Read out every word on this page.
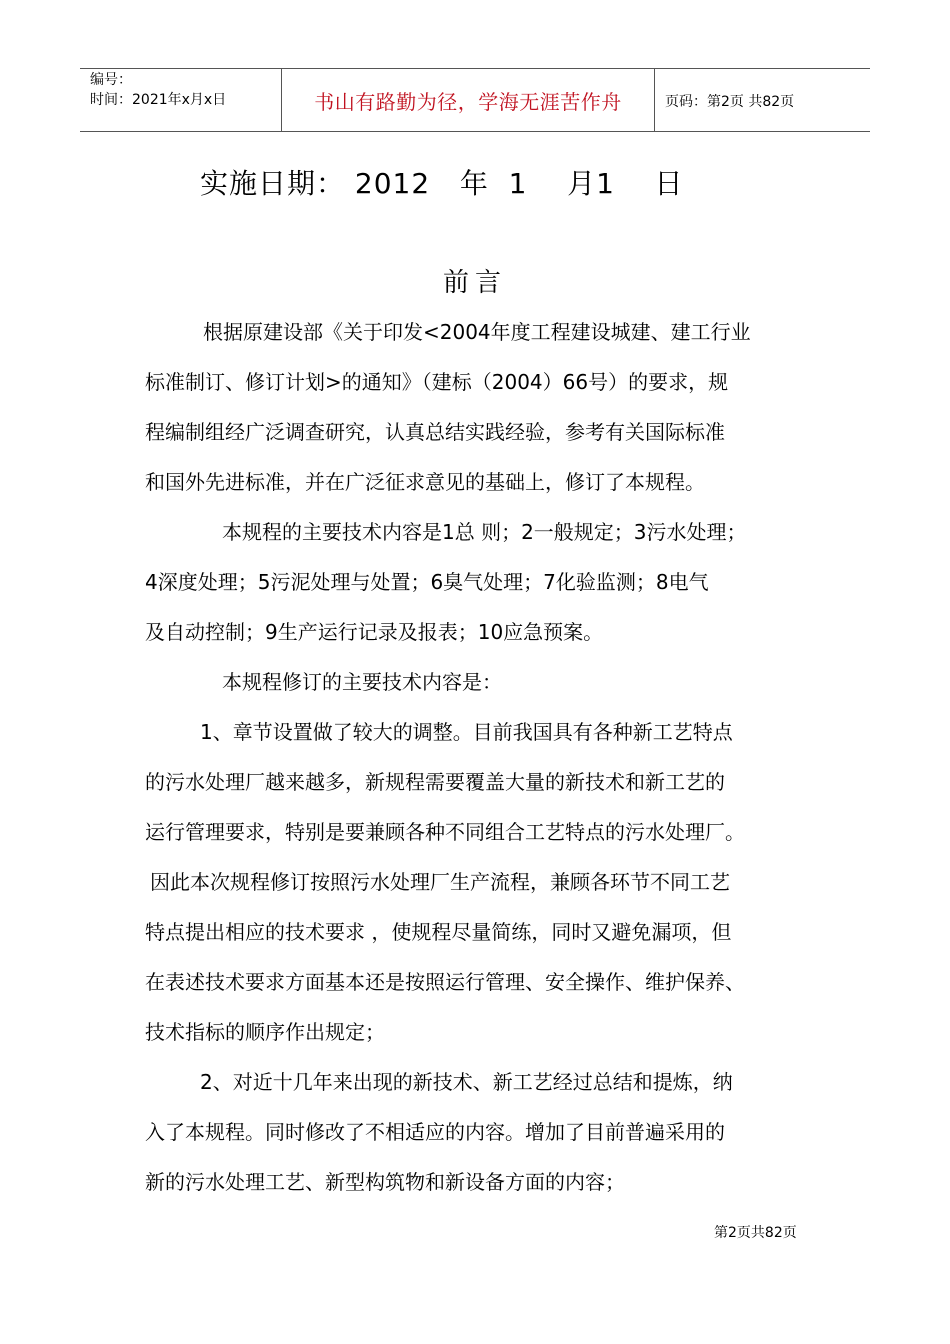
编号：
时间：2021年x月x日	书山有路勤为径，学海无涯苦作舟	页码：第2页 共82页
实施日期： 2012   年  1    月1    日
前言
根据原建设部《关于印发<2004年度工程建设城建、建工行业
标准制订、修订计划>的通知》（建标（2004）66号）的要求，规
程编制组经广泛调查研究，认真总结实践经验，参考有关国际标准
和国外先进标准，并在广泛征求意见的基础上，修订了本规程。
本规程的主要技术内容是1总 则；2一般规定；3污水处理；
4深度处理；5污泥处理与处置；6臭气处理；7化验监测；8电气
及自动控制；9生产运行记录及报表；10应急预案。
本规程修订的主要技术内容是：
1、章节设置做了较大的调整。目前我国具有各种新工艺特点
的污水处理厂越来越多，新规程需要覆盖大量的新技术和新工艺的
运行管理要求，特别是要兼顾各种不同组合工艺特点的污水处理厂。
因此本次规程修订按照污水处理厂生产流程，兼顾各环节不同工艺
特点提出相应的技术要求 ，使规程尽量简练，同时又避免漏项，但
在表述技术要求方面基本还是按照运行管理、安全操作、维护保养、
技术指标的顺序作出规定；
2、对近十几年来出现的新技术、新工艺经过总结和提炼，纳
入了本规程。同时修改了不相适应的内容。增加了目前普遍采用的
新的污水处理工艺、新型构筑物和新设备方面的内容；
第2页共82页
